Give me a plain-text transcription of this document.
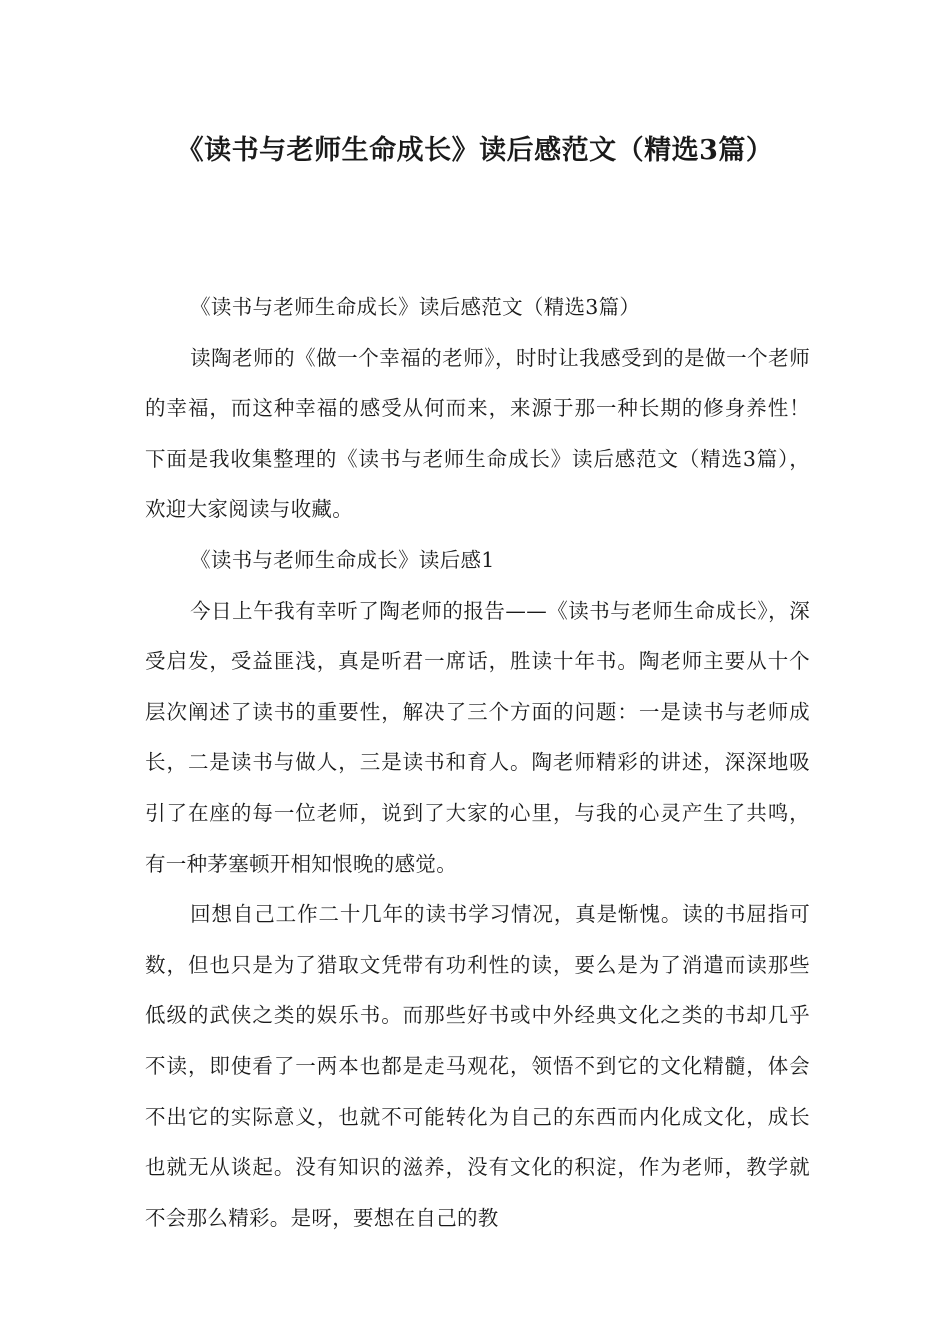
《读书与老师生命成长》读后感范文（精选3篇）

《读书与老师生命成长》读后感范文（精选3篇）

读陶老师的《做一个幸福的老师》，时时让我感受到的是做一个老师的幸福，而这种幸福的感受从何而来，来源于那一种长期的修身养性！下面是我收集整理的《读书与老师生命成长》读后感范文（精选3篇），欢迎大家阅读与收藏。

《读书与老师生命成长》读后感1

今日上午我有幸听了陶老师的报告——《读书与老师生命成长》，深受启发，受益匪浅，真是听君一席话，胜读十年书。陶老师主要从十个层次阐述了读书的重要性，解决了三个方面的问题：一是读书与老师成长，二是读书与做人，三是读书和育人。陶老师精彩的讲述，深深地吸引了在座的每一位老师，说到了大家的心里，与我的心灵产生了共鸣，有一种茅塞顿开相知恨晚的感觉。

回想自己工作二十几年的读书学习情况，真是惭愧。读的书屈指可数，但也只是为了猎取文凭带有功利性的读，要么是为了消遣而读那些低级的武侠之类的娱乐书。而那些好书或中外经典文化之类的书却几乎不读，即使看了一两本也都是走马观花，领悟不到它的文化精髓，体会不出它的实际意义，也就不可能转化为自己的东西而内化成文化，成长也就无从谈起。没有知识的滋养，没有文化的积淀，作为老师，教学就不会那么精彩。是呀，要想在自己的教
